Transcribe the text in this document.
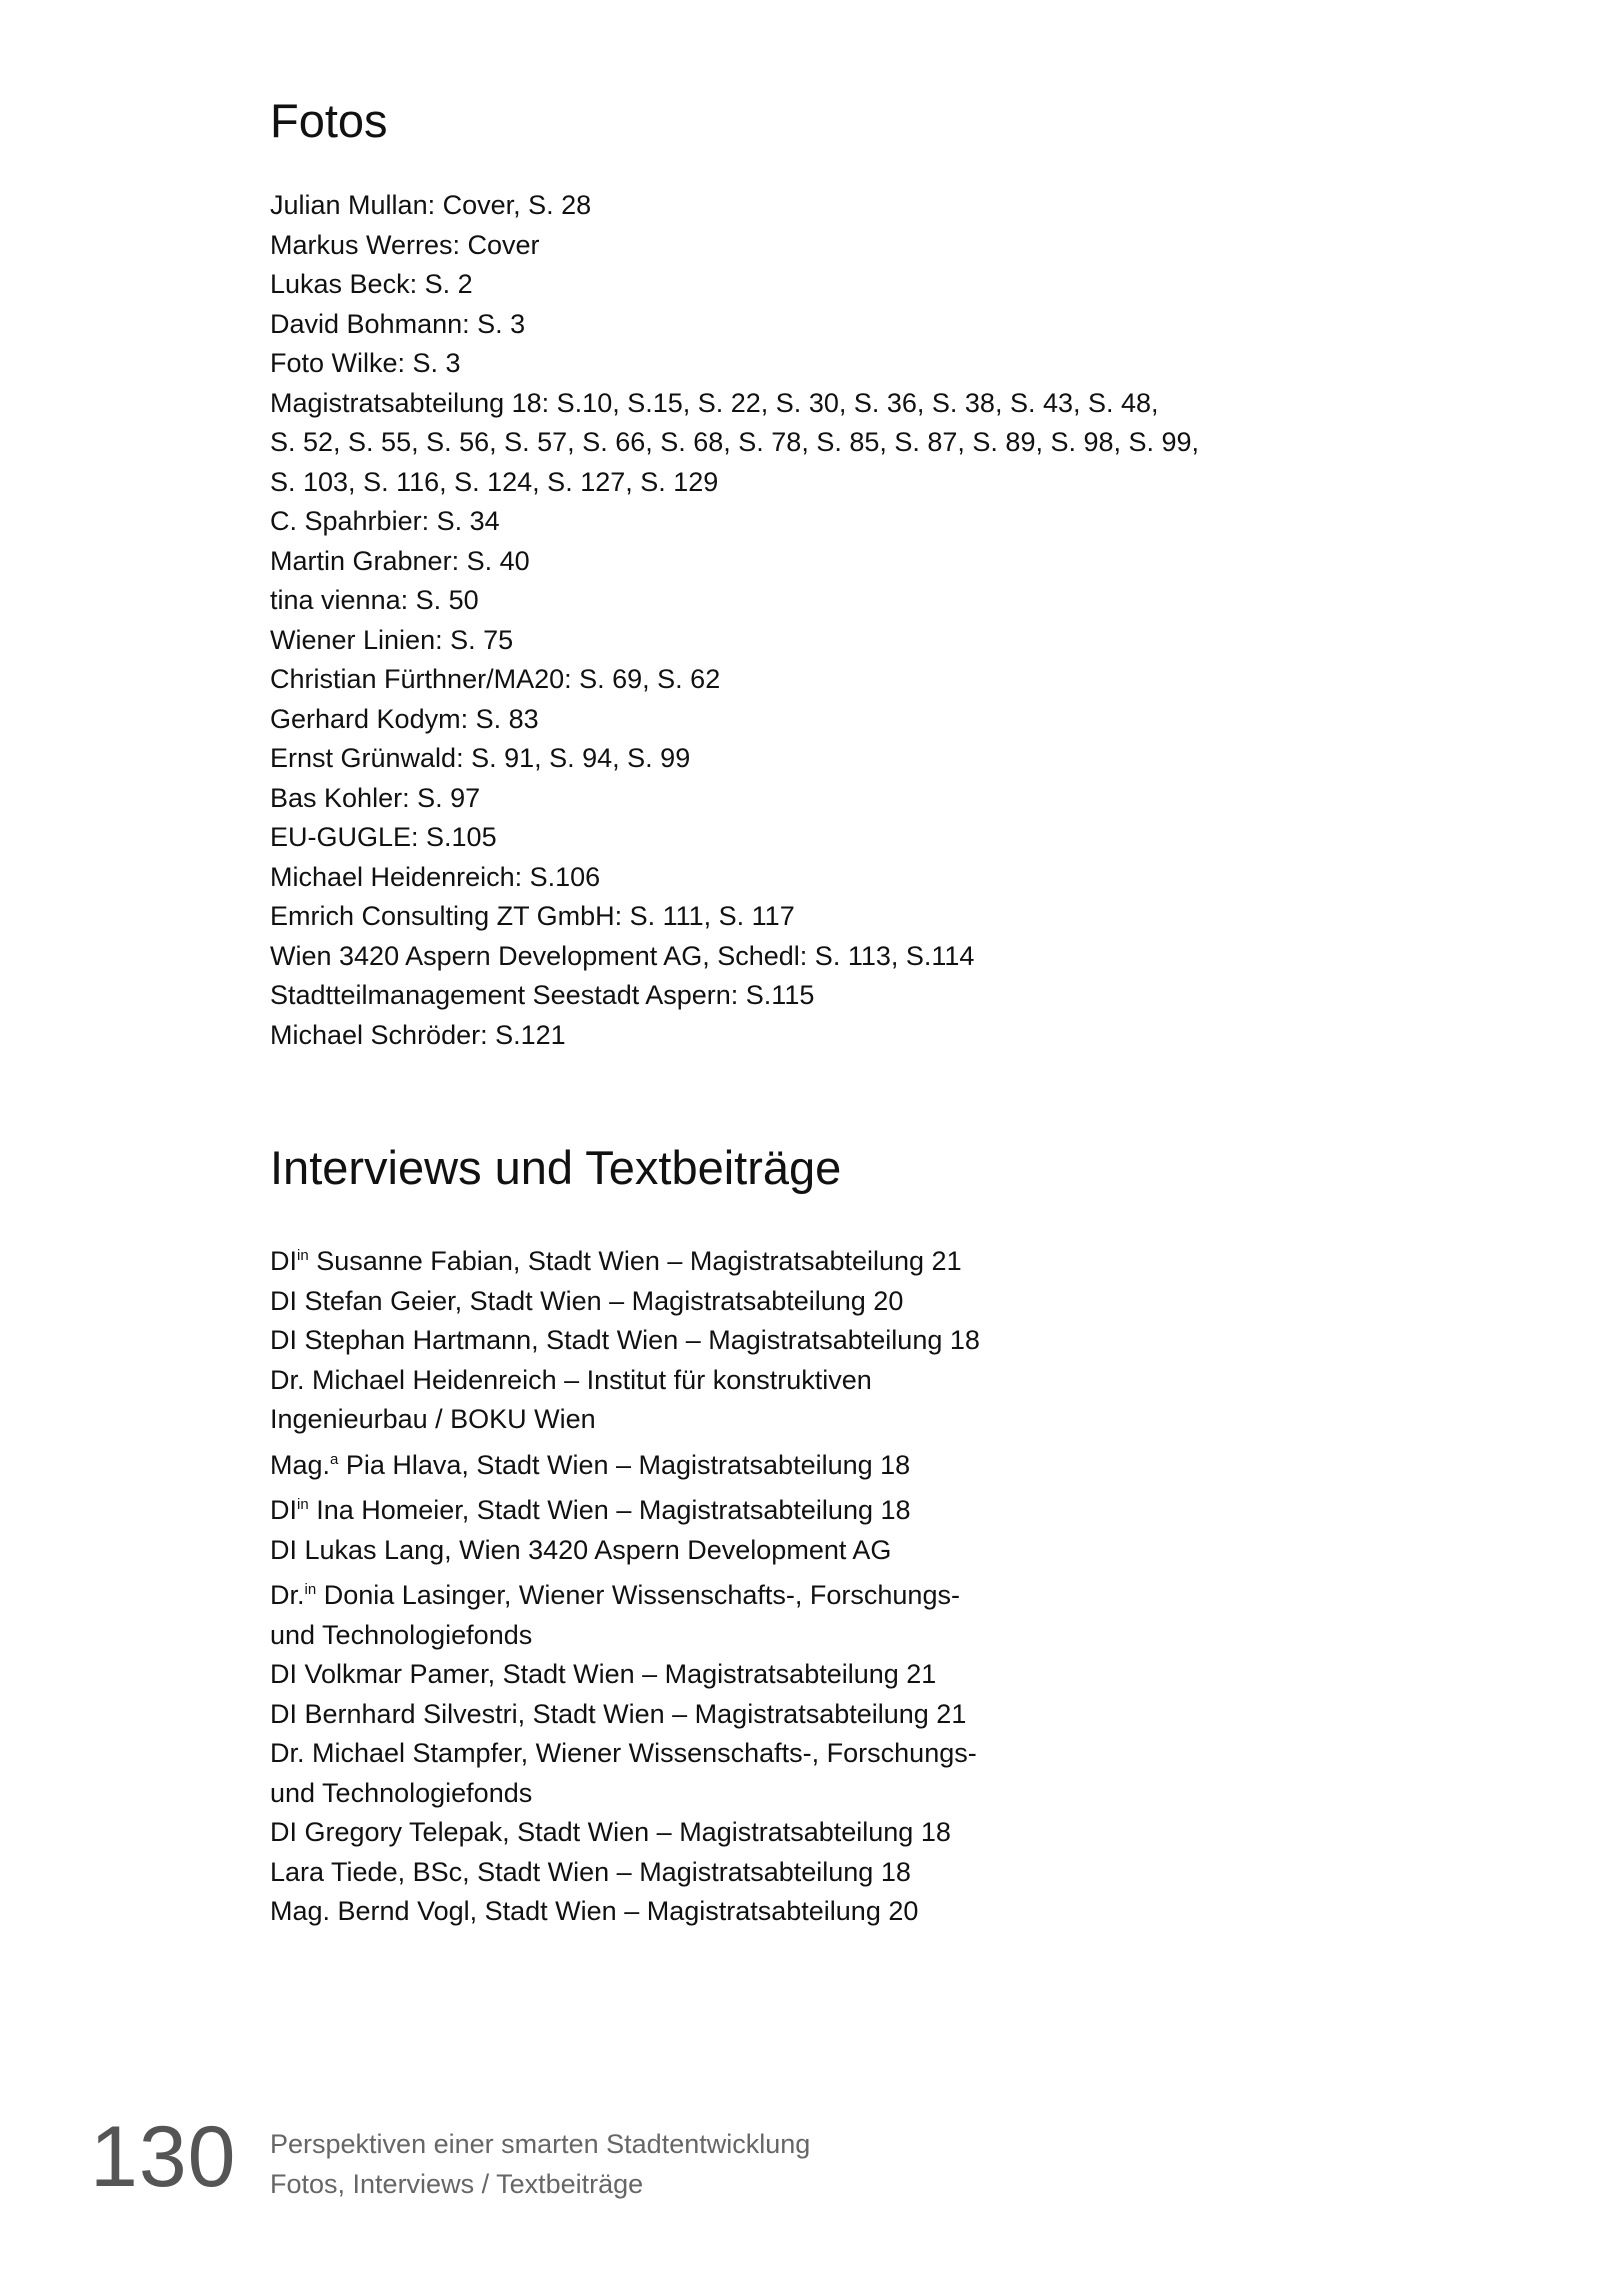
Fotos
Julian Mullan: Cover, S. 28
Markus Werres: Cover
Lukas Beck: S. 2
David Bohmann: S. 3
Foto Wilke: S. 3
Magistratsabteilung 18: S.10, S.15, S. 22, S. 30, S. 36, S. 38, S. 43, S. 48,
S. 52, S. 55, S. 56, S. 57, S. 66, S. 68, S. 78, S. 85, S. 87, S. 89, S. 98, S. 99,
S. 103, S. 116, S. 124, S. 127, S. 129
C. Spahrbier: S. 34
Martin Grabner: S. 40
tina vienna: S. 50
Wiener Linien: S. 75
Christian Fürthner/MA20: S. 69, S. 62
Gerhard Kodym: S. 83
Ernst Grünwald: S. 91, S. 94, S. 99
Bas Kohler: S. 97
EU-GUGLE: S.105
Michael Heidenreich: S.106
Emrich Consulting ZT GmbH: S. 111, S. 117
Wien 3420 Aspern Development AG, Schedl: S. 113, S.114
Stadtteilmanagement Seestadt Aspern: S.115
Michael Schröder: S.121
Interviews und Textbeiträge
$DI^{in}$ Susanne Fabian, Stadt Wien – Magistratsabteilung 21
DI Stefan Geier, Stadt Wien – Magistratsabteilung 20
DI Stephan Hartmann, Stadt Wien – Magistratsabteilung 18
Dr. Michael Heidenreich – Institut für konstruktiven
Ingenieurbau / BOKU Wien
Mag.$^a$ Pia Hlava, Stadt Wien – Magistratsabteilung 18
$DI^{in}$ Ina Homeier, Stadt Wien – Magistratsabteilung 18
DI Lukas Lang, Wien 3420 Aspern Development AG
Dr.$^{in}$ Donia Lasinger, Wiener Wissenschafts-, Forschungs-
und Technologiefonds
DI Volkmar Pamer, Stadt Wien – Magistratsabteilung 21
DI Bernhard Silvestri, Stadt Wien – Magistratsabteilung 21
Dr. Michael Stampfer, Wiener Wissenschafts-, Forschungs-
und Technologiefonds
DI Gregory Telepak, Stadt Wien – Magistratsabteilung 18
Lara Tiede, BSc, Stadt Wien – Magistratsabteilung 18
Mag. Bernd Vogl, Stadt Wien – Magistratsabteilung 20
130 Perspektiven einer smarten Stadtentwicklung
Fotos, Interviews / Textbeiträge
